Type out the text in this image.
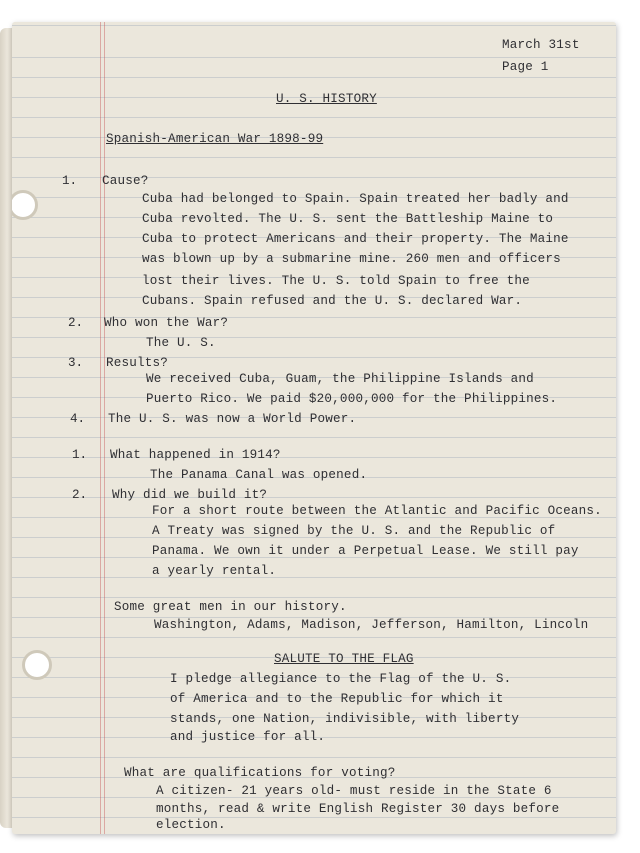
March 31st
Page 1
U. S. HISTORY
Spanish-American War 1898-99
1. Cause?
Cuba had belonged to Spain. Spain treated her badly and
Cuba revolted. The U. S. sent the Battleship Maine to
Cuba to protect Americans and their property. The Maine
was blown up by a submarine mine. 260 men and officers
lost their lives. The U. S. told Spain to free the
Cubans. Spain refused and the U. S. declared War.
2. Who won the War?
The U. S.
3. Results?
We received Cuba, Guam, the Philippine Islands and
Puerto Rico. We paid $20,000,000 for the Philippines.
4. The U. S. was now a World Power.
1. What happened in 1914?
The Panama Canal was opened.
2. Why did we build it?
For a short route between the Atlantic and Pacific Oceans.
A Treaty was signed by the U. S. and the Republic of
Panama. We own it under a Perpetual Lease. We still pay
a yearly rental.
Some great men in our history.
Washington, Adams, Madison, Jefferson, Hamilton, Lincoln
SALUTE TO THE FLAG
I pledge allegiance to the Flag of the U. S.
of America and to the Republic for which it
stands, one Nation, indivisible, with liberty
and justice for all.
What are qualifications for voting?
A citizen- 21 years old- must reside in the State 6
months, read & write English Register 30 days before
election.
